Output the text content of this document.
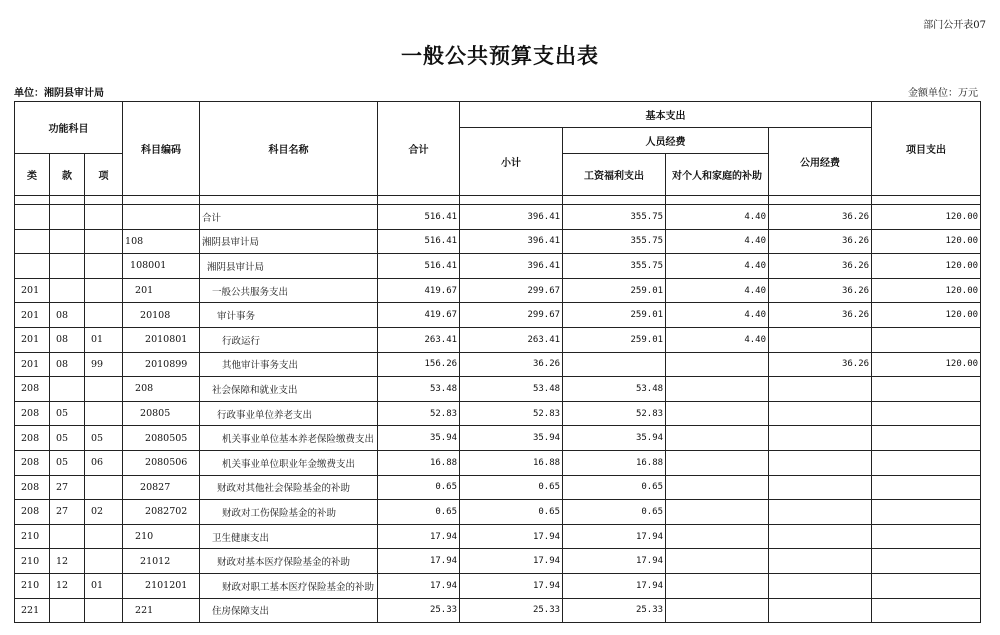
部门公开表07
一般公共预算支出表
单位：湘阴县审计局	金额单位：万元
功能科目			科目编码	科目名称	合计	基本支出				项目支出
						小计	人员经费		公用经费	
类	款	项					工资福利支出	对个人和家庭的补助		

				合计	516.41	396.41	355.75	4.40	36.26	120.00
			108	湘阴县审计局	516.41	396.41	355.75	4.40	36.26	120.00
			108001	湘阴县审计局	516.41	396.41	355.75	4.40	36.26	120.00
201			201	一般公共服务支出	419.67	299.67	259.01	4.40	36.26	120.00
201	08		20108	审计事务	419.67	299.67	259.01	4.40	36.26	120.00
201	08	01	2010801	行政运行	263.41	263.41	259.01	4.40		
201	08	99	2010899	其他审计事务支出	156.26	36.26			36.26	120.00
208			208	社会保障和就业支出	53.48	53.48	53.48			
208	05		20805	行政事业单位养老支出	52.83	52.83	52.83			
208	05	05	2080505	机关事业单位基本养老保险缴费支出	35.94	35.94	35.94			
208	05	06	2080506	机关事业单位职业年金缴费支出	16.88	16.88	16.88			
208	27		20827	财政对其他社会保险基金的补助	0.65	0.65	0.65			
208	27	02	2082702	财政对工伤保险基金的补助	0.65	0.65	0.65			
210			210	卫生健康支出	17.94	17.94	17.94			
210	12		21012	财政对基本医疗保险基金的补助	17.94	17.94	17.94			
210	12	01	2101201	财政对职工基本医疗保险基金的补助	17.94	17.94	17.94			
221			221	住房保障支出	25.33	25.33	25.33			
